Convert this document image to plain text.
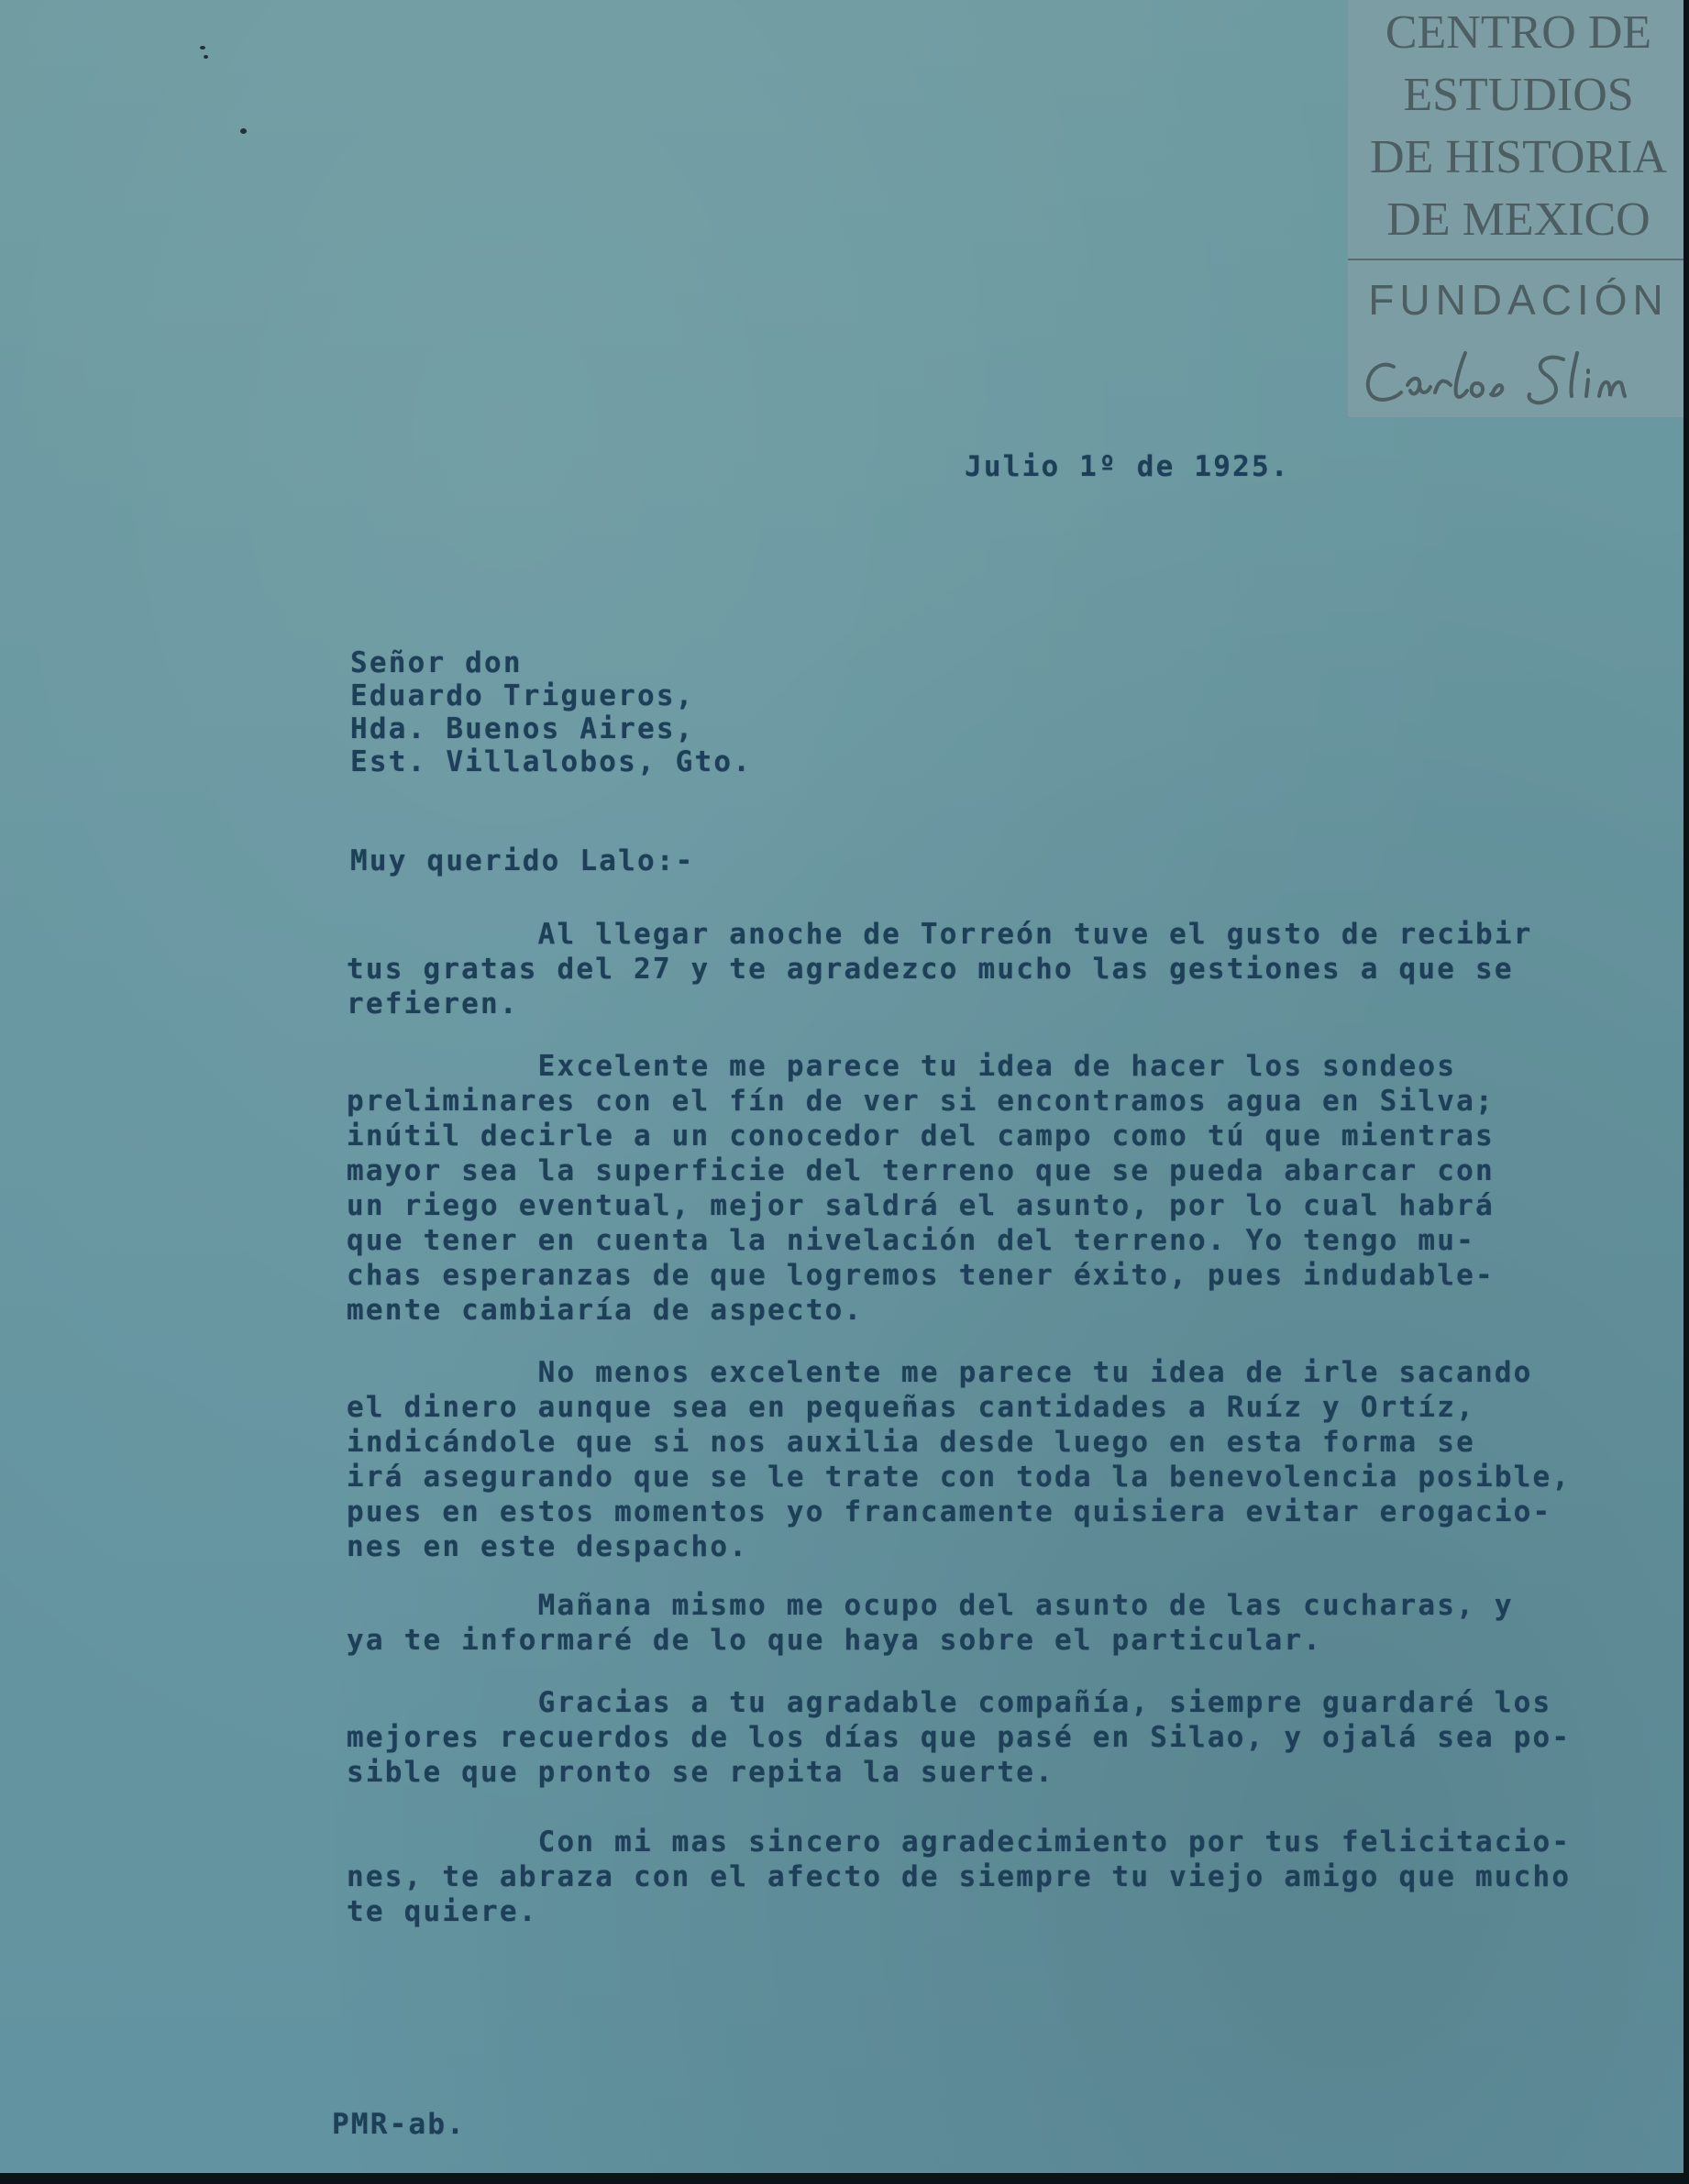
CENTRO DE
ESTUDIOS
DE HISTORIA
DE MEXICO
FUNDACIÓN
Julio 1º de 1925.
Señor don
Eduardo Trigueros,
Hda. Buenos Aires,
Est. Villalobos, Gto.
Muy querido Lalo:-
Al llegar anoche de Torreón tuve el gusto de recibir
tus gratas del 27 y te agradezco mucho las gestiones a que se
refieren.
Excelente me parece tu idea de hacer los sondeos
preliminares con el fín de ver si encontramos agua en Silva;
inútil decirle a un conocedor del campo como tú que mientras
mayor sea la superficie del terreno que se pueda abarcar con
un riego eventual, mejor saldrá el asunto, por lo cual habrá
que tener en cuenta la nivelación del terreno. Yo tengo mu-
chas esperanzas de que logremos tener éxito, pues indudable-
mente cambiaría de aspecto.
No menos excelente me parece tu idea de irle sacando
el dinero aunque sea en pequeñas cantidades a Ruíz y Ortíz,
indicándole que si nos auxilia desde luego en esta forma se
irá asegurando que se le trate con toda la benevolencia posible,
pues en estos momentos yo francamente quisiera evitar erogacio-
nes en este despacho.
Mañana mismo me ocupo del asunto de las cucharas, y
ya te informaré de lo que haya sobre el particular.
Gracias a tu agradable compañía, siempre guardaré los
mejores recuerdos de los días que pasé en Silao, y ojalá sea po-
sible que pronto se repita la suerte.
Con mi mas sincero agradecimiento por tus felicitacio-
nes, te abraza con el afecto de siempre tu viejo amigo que mucho
te quiere.
PMR-ab.
